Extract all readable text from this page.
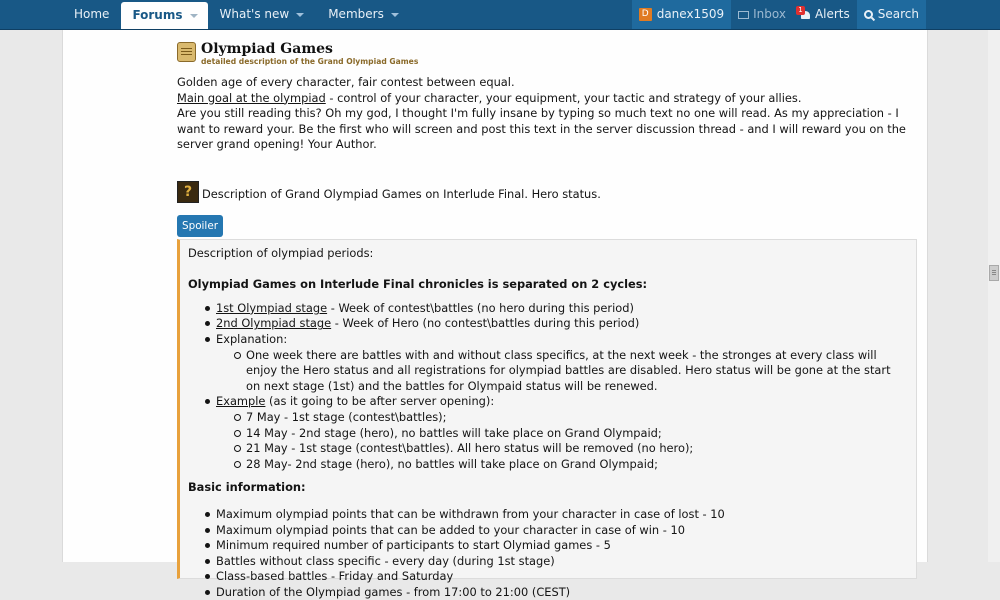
Home Forums	What's new	Members	D danex1509 Inbox	1 Alerts Search
Olympiad Games
detailed description of the Grand Olympiad Games

Golden age of every character, fair contest between equal.

Main goal at the olympiad - control of your character, your equipment, your tactic and strategy of your allies.

Are you still reading this? Oh my god, I thought I'm fully insane by typing so much text no one will read. As my appreciation - I want to reward your. Be the first who will screen and post this text in the server discussion thread - and I will reward you on the server grand opening! Your Author.

? Description of Grand Olympiad Games on Interlude Final. Hero status.
Spoiler

Description of olympiad periods:

Olympiad Games on Interlude Final chronicles is separated on 2 cycles:

1st Olympiad stage - Week of contest\battles (no hero during this period)
2nd Olympiad stage - Week of Hero (no contest\battles during this period)
Explanation:
One week there are battles with and without class specifics, at the next week - the stronges at every class will enjoy the Hero status and all registrations for olympiad battles are disabled. Hero status will be gone at the start on next stage (1st) and the battles for Olympaid status will be renewed.
Example (as it going to be after server opening):
7 May - 1st stage (contest\battles);
14 May - 2nd stage (hero), no battles will take place on Grand Olympaid;
21 May - 1st stage (contest\battles). All hero status will be removed (no hero);
28 May- 2nd stage (hero), no battles will take place on Grand Olympaid;

Basic information:

Maximum olympiad points that can be withdrawn from your character in case of lost - 10
Maximum olympiad points that can be added to your character in case of win - 10
Minimum required number of participants to start Olymiad games - 5
Battles without class specific - every day (during 1st stage)
Class-based battles - Friday and Saturday
Duration of the Olympiad games - from 17:00 to 21:00 (CEST)
